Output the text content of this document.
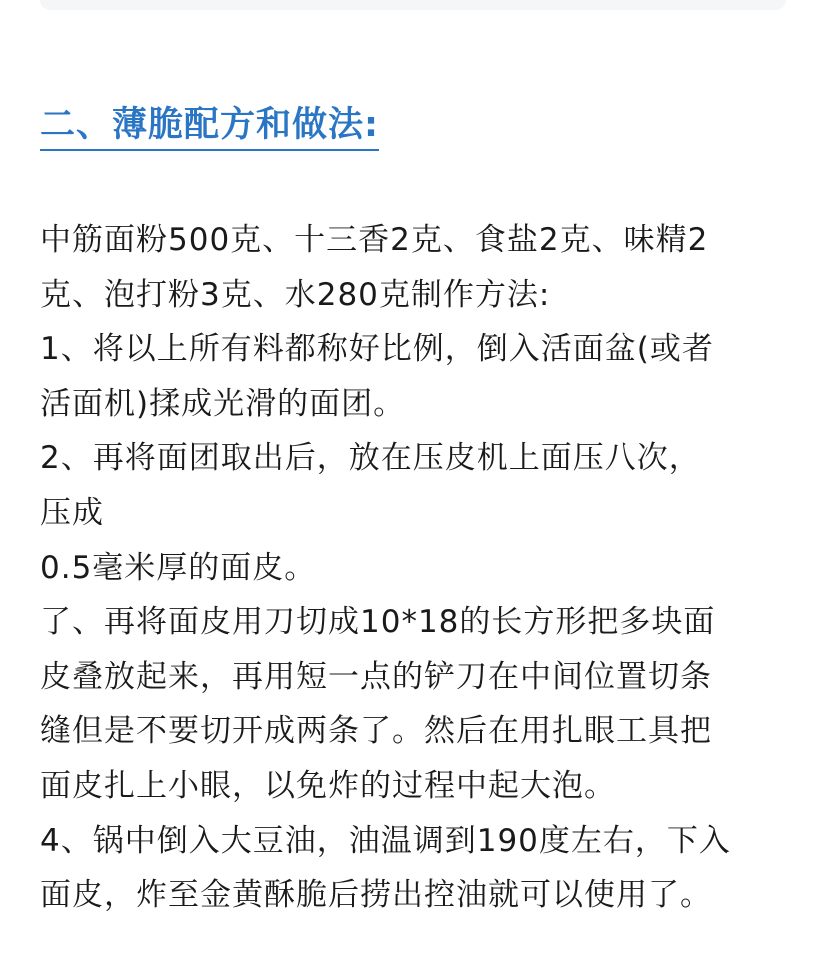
二、薄脆配方和做法:
中筋面粉500克、十三香2克、食盐2克、味精2
克、泡打粉3克、水280克制作方法:
1、将以上所有料都称好比例，倒入活面盆(或者
活面机)揉成光滑的面团。
2、再将面团取出后，放在压皮机上面压八次，
压成
0.5毫米厚的面皮。
了、再将面皮用刀切成10*18的长方形把多块面
皮叠放起来，再用短一点的铲刀在中间位置切条
缝但是不要切开成两条了。然后在用扎眼工具把
面皮扎上小眼，以免炸的过程中起大泡。
4、锅中倒入大豆油，油温调到190度左右，下入
面皮，炸至金黄酥脆后捞出控油就可以使用了。
